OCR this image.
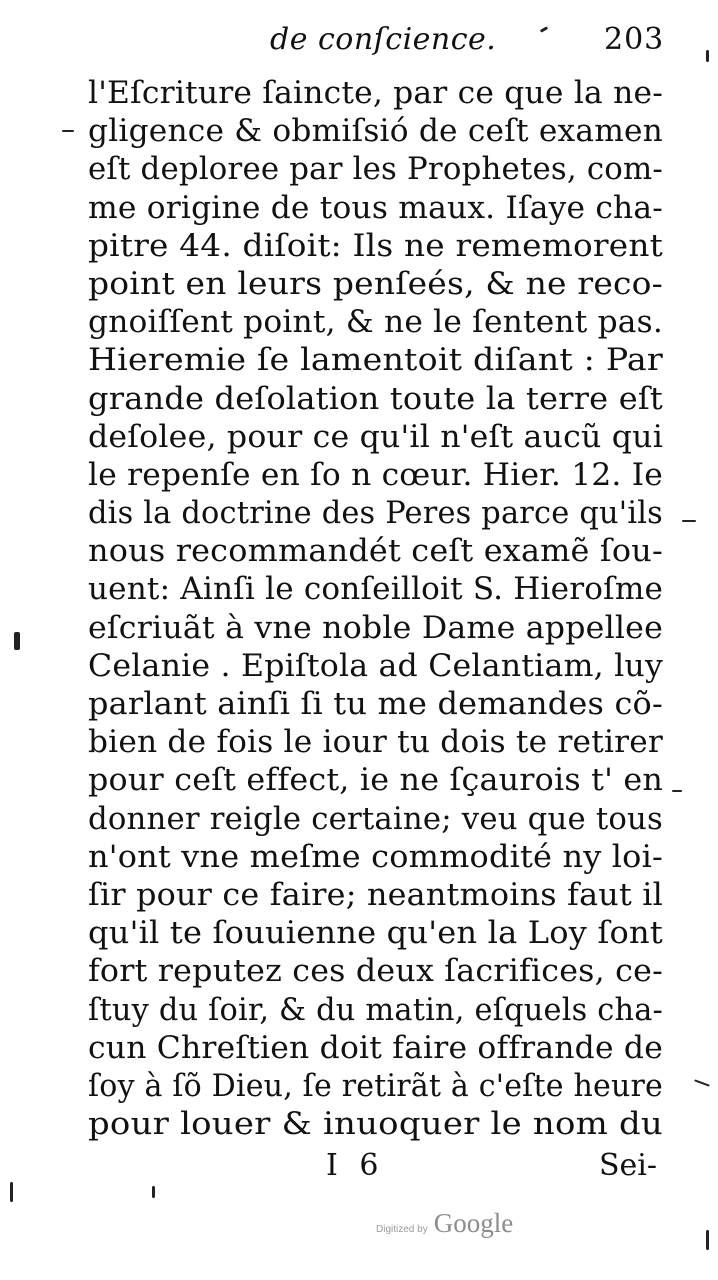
de conſcience.	203
l'Eſcriture ſaincte, par ce que la ne-
gligence & obmiſsió de ceſt examen
eſt deploree par les Prophetes, com-
me origine de tous maux. Iſaye cha-
pitre 44. diſoit: Ils ne rememorent
point en leurs penſeés, & ne reco-
gnoiſſent point, & ne le ſentent pas.
Hieremie ſe lamentoit diſant : Par
grande deſolation toute la terre eſt
deſolee, pour ce qu'il n'eſt aucũ qui
le repenſe en ſo n cœur. Hier. 12. Ie
dis la doctrine des Peres parce qu'ils
nous recommandét ceſt examẽ ſou-
uent: Ainſi le conſeilloit S. Hieroſme
eſcriuãt à vne noble Dame appellee
Celanie . Epiſtola ad Celantiam, luy
parlant ainſi ſi tu me demandes cõ-
bien de fois le iour tu dois te retirer
pour ceſt effect, ie ne ſçaurois t' en
donner reigle certaine; veu que tous
n'ont vne meſme commodité ny loi-
ſir pour ce faire; neantmoins faut il
qu'il te ſouuienne qu'en la Loy ſont
fort reputez ces deux ſacrifices, ce-
ſtuy du ſoir, & du matin, eſquels cha-
cun Chreſtien doit faire offrande de
ſoy à ſõ Dieu, ſe retirãt à c'eſte heure
pour louer & inuoquer le nom du
I 6	Sei-
Digitized by Google
